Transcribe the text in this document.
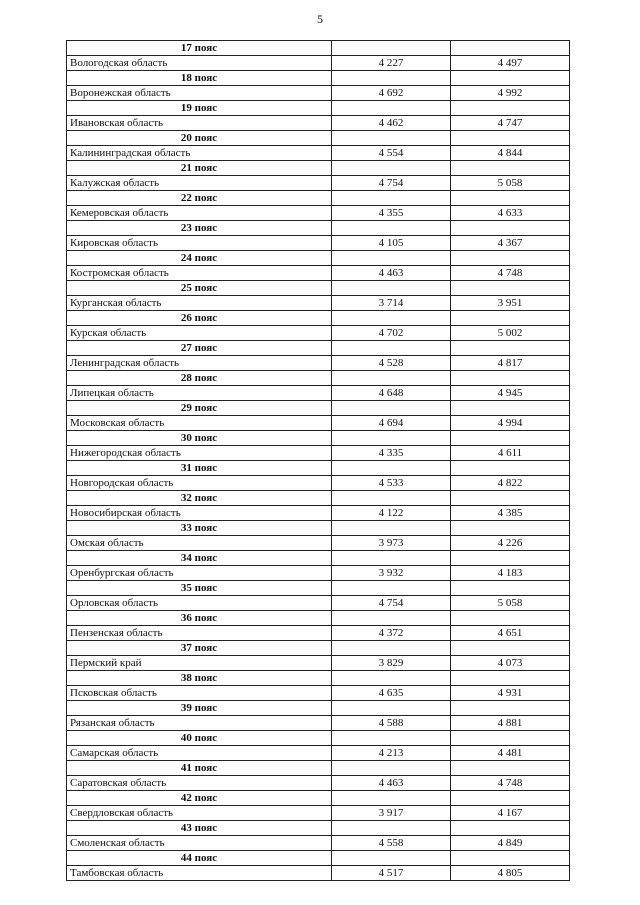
5
17 пояс		
Вологодская область	4 227	4 497
18 пояс		
Воронежская область	4 692	4 992
19 пояс		
Ивановская область	4 462	4 747
20 пояс		
Калининградская область	4 554	4 844
21 пояс		
Калужская область	4 754	5 058
22 пояс		
Кемеровская область	4 355	4 633
23 пояс		
Кировская область	4 105	4 367
24 пояс		
Костромская область	4 463	4 748
25 пояс		
Курганская область	3 714	3 951
26 пояс		
Курская область	4 702	5 002
27 пояс		
Ленинградская область	4 528	4 817
28 пояс		
Липецкая область	4 648	4 945
29 пояс		
Московская область	4 694	4 994
30 пояс		
Нижегородская область	4 335	4 611
31 пояс		
Новгородская область	4 533	4 822
32 пояс		
Новосибирская область	4 122	4 385
33 пояс		
Омская область	3 973	4 226
34 пояс		
Оренбургская область	3 932	4 183
35 пояс		
Орловская область	4 754	5 058
36 пояс		
Пензенская область	4 372	4 651
37 пояс		
Пермский край	3 829	4 073
38 пояс		
Псковская область	4 635	4 931
39 пояс		
Рязанская область	4 588	4 881
40 пояс		
Самарская область	4 213	4 481
41 пояс		
Саратовская область	4 463	4 748
42 пояс		
Свердловская область	3 917	4 167
43 пояс		
Смоленская область	4 558	4 849
44 пояс		
Тамбовская область	4 517	4 805
